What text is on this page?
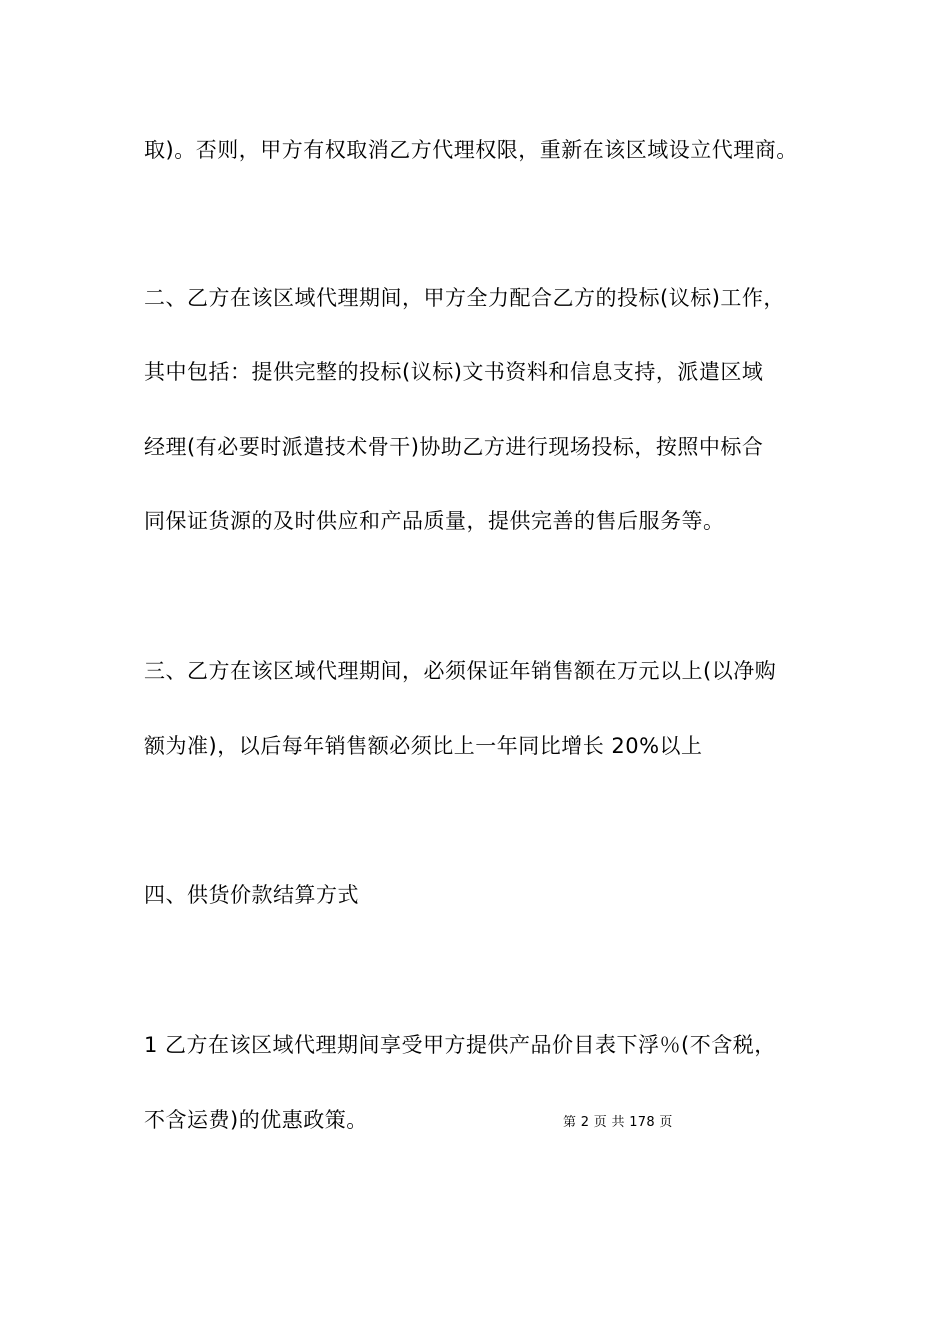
取)。否则，甲方有权取消乙方代理权限，重新在该区域设立代理商。
二、乙方在该区域代理期间，甲方全力配合乙方的投标(议标)工作，
其中包括：提供完整的投标(议标)文书资料和信息支持，派遣区域
经理(有必要时派遣技术骨干)协助乙方进行现场投标，按照中标合
同保证货源的及时供应和产品质量，提供完善的售后服务等。
三、乙方在该区域代理期间，必须保证年销售额在万元以上(以净购
额为准)，以后每年销售额必须比上一年同比增长 20%以上
四、供货价款结算方式
1 乙方在该区域代理期间享受甲方提供产品价目表下浮％(不含税，
不含运费)的优惠政策。	第 2 页 共 178 页
